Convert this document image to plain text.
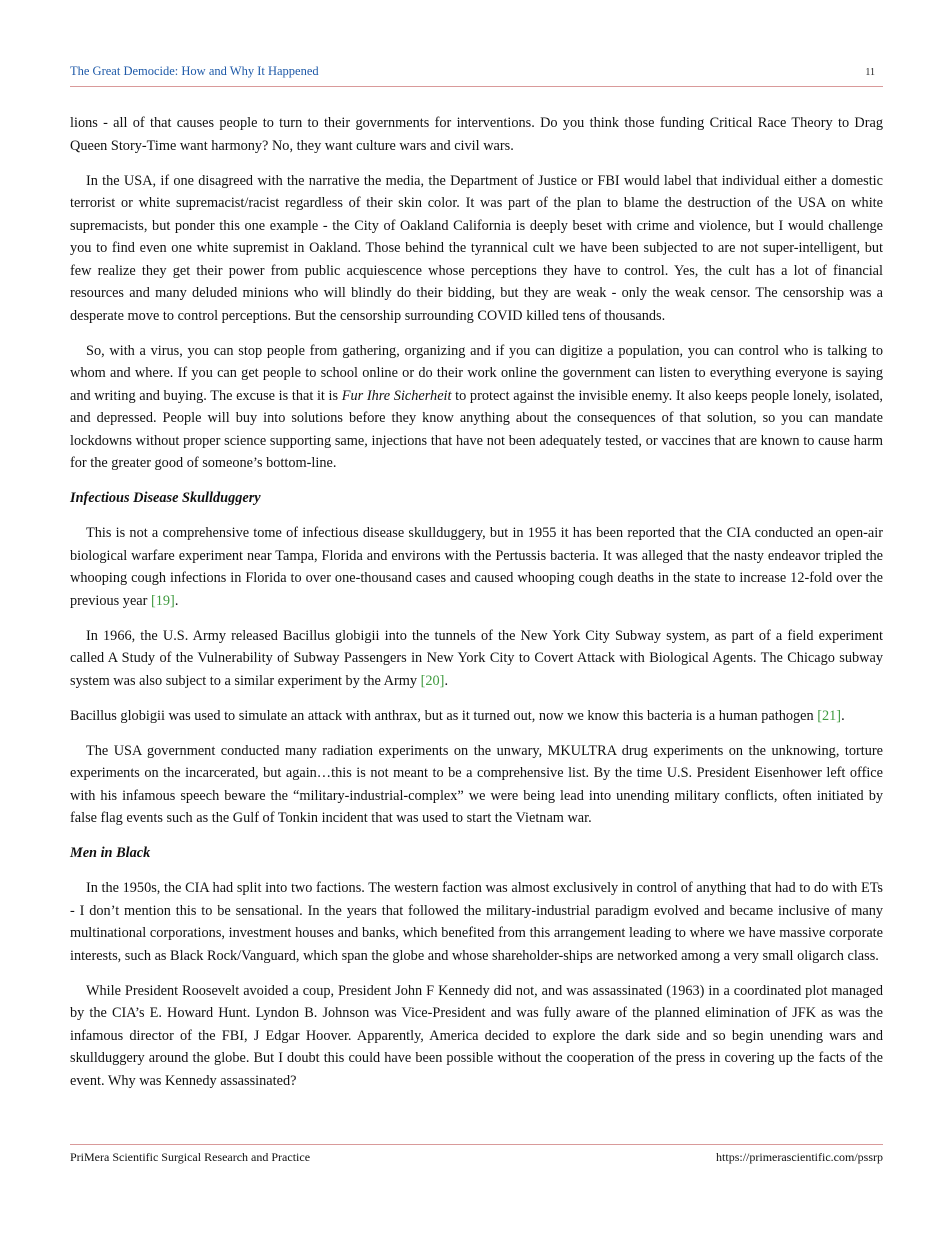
The Great Democide: How and Why It Happened	11

lions - all of that causes people to turn to their governments for interventions. Do you think those funding Critical Race Theory to Drag Queen Story-Time want harmony? No, they want culture wars and civil wars.

In the USA, if one disagreed with the narrative the media, the Department of Justice or FBI would label that individual either a domestic terrorist or white supremacist/racist regardless of their skin color. It was part of the plan to blame the destruction of the USA on white supremacists, but ponder this one example - the City of Oakland California is deeply beset with crime and violence, but I would challenge you to find even one white supremist in Oakland. Those behind the tyrannical cult we have been subjected to are not super-intelligent, but few realize they get their power from public acquiescence whose perceptions they have to control. Yes, the cult has a lot of financial resources and many deluded minions who will blindly do their bidding, but they are weak - only the weak censor. The censorship was a desperate move to control perceptions. But the censorship surrounding COVID killed tens of thousands.

So, with a virus, you can stop people from gathering, organizing and if you can digitize a population, you can control who is talking to whom and where. If you can get people to school online or do their work online the government can listen to everything everyone is saying and writing and buying. The excuse is that it is Fur Ihre Sicherheit to protect against the invisible enemy. It also keeps people lonely, isolated, and depressed. People will buy into solutions before they know anything about the consequences of that solution, so you can mandate lockdowns without proper science supporting same, injections that have not been adequately tested, or vaccines that are known to cause harm for the greater good of someone’s bottom-line.

Infectious Disease Skullduggery

This is not a comprehensive tome of infectious disease skullduggery, but in 1955 it has been reported that the CIA conducted an open-air biological warfare experiment near Tampa, Florida and environs with the Pertussis bacteria. It was alleged that the nasty endeavor tripled the whooping cough infections in Florida to over one-thousand cases and caused whooping cough deaths in the state to increase 12-fold over the previous year [19].

In 1966, the U.S. Army released Bacillus globigii into the tunnels of the New York City Subway system, as part of a field experiment called A Study of the Vulnerability of Subway Passengers in New York City to Covert Attack with Biological Agents. The Chicago subway system was also subject to a similar experiment by the Army [20].

Bacillus globigii was used to simulate an attack with anthrax, but as it turned out, now we know this bacteria is a human pathogen [21].

The USA government conducted many radiation experiments on the unwary, MKULTRA drug experiments on the unknowing, torture experiments on the incarcerated, but again…this is not meant to be a comprehensive list. By the time U.S. President Eisenhower left office with his infamous speech beware the “military-industrial-complex” we were being lead into unending military conflicts, often initiated by false flag events such as the Gulf of Tonkin incident that was used to start the Vietnam war.

Men in Black

In the 1950s, the CIA had split into two factions. The western faction was almost exclusively in control of anything that had to do with ETs - I don’t mention this to be sensational. In the years that followed the military-industrial paradigm evolved and became inclusive of many multinational corporations, investment houses and banks, which benefited from this arrangement leading to where we have massive corporate interests, such as Black Rock/Vanguard, which span the globe and whose shareholder-ships are networked among a very small oligarch class.

While President Roosevelt avoided a coup, President John F Kennedy did not, and was assassinated (1963) in a coordinated plot managed by the CIA’s E. Howard Hunt. Lyndon B. Johnson was Vice-President and was fully aware of the planned elimination of JFK as was the infamous director of the FBI, J Edgar Hoover. Apparently, America decided to explore the dark side and so begin unending wars and skullduggery around the globe. But I doubt this could have been possible without the cooperation of the press in covering up the facts of the event. Why was Kennedy assassinated?

PriMera Scientific Surgical Research and Practice	https://primerascientific.com/pssrp
